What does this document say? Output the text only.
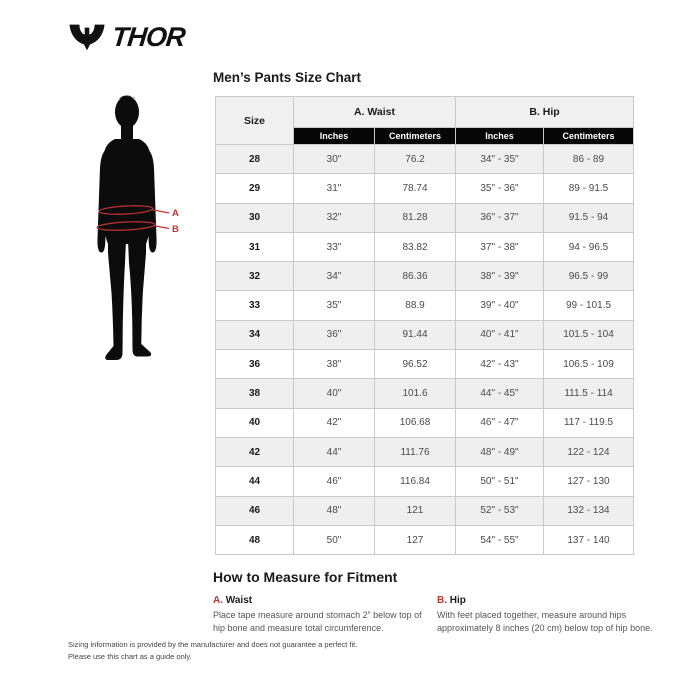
THOR
A
B
Men’s Pants Size Chart
Size	A. Waist		B. Hip	
	Inches	Centimeters	Inches	Centimeters
28	30"	76.2	34" - 35"	86 - 89
29	31"	78.74	35" - 36"	89 - 91.5
30	32"	81.28	36" - 37"	91.5 - 94
31	33"	83.82	37" - 38"	94 - 96.5
32	34"	86.36	38" - 39"	96.5 - 99
33	35"	88.9	39" - 40"	99 - 101.5
34	36"	91.44	40" - 41"	101.5 - 104
36	38"	96.52	42" - 43"	106.5 - 109
38	40"	101.6	44" - 45"	111.5 - 114
40	42"	106.68	46" - 47"	117 - 119.5
42	44"	111.76	48" - 49"	122 - 124
44	46"	116.84	50" - 51"	127 - 130
46	48"	121	52" - 53"	132 - 134
48	50"	127	54" - 55"	137 - 140
How to Measure for Fitment
A. Waist

Place tape measure around stomach 2” below top of hip bone and measure total circumference.

B. Hip

With feet placed together, measure around hips approximately 8 inches (20 cm) below top of hip bone.

Sizing information is provided by the manufacturer and does not guarantee a perfect fit.
Please use this chart as a guide only.
